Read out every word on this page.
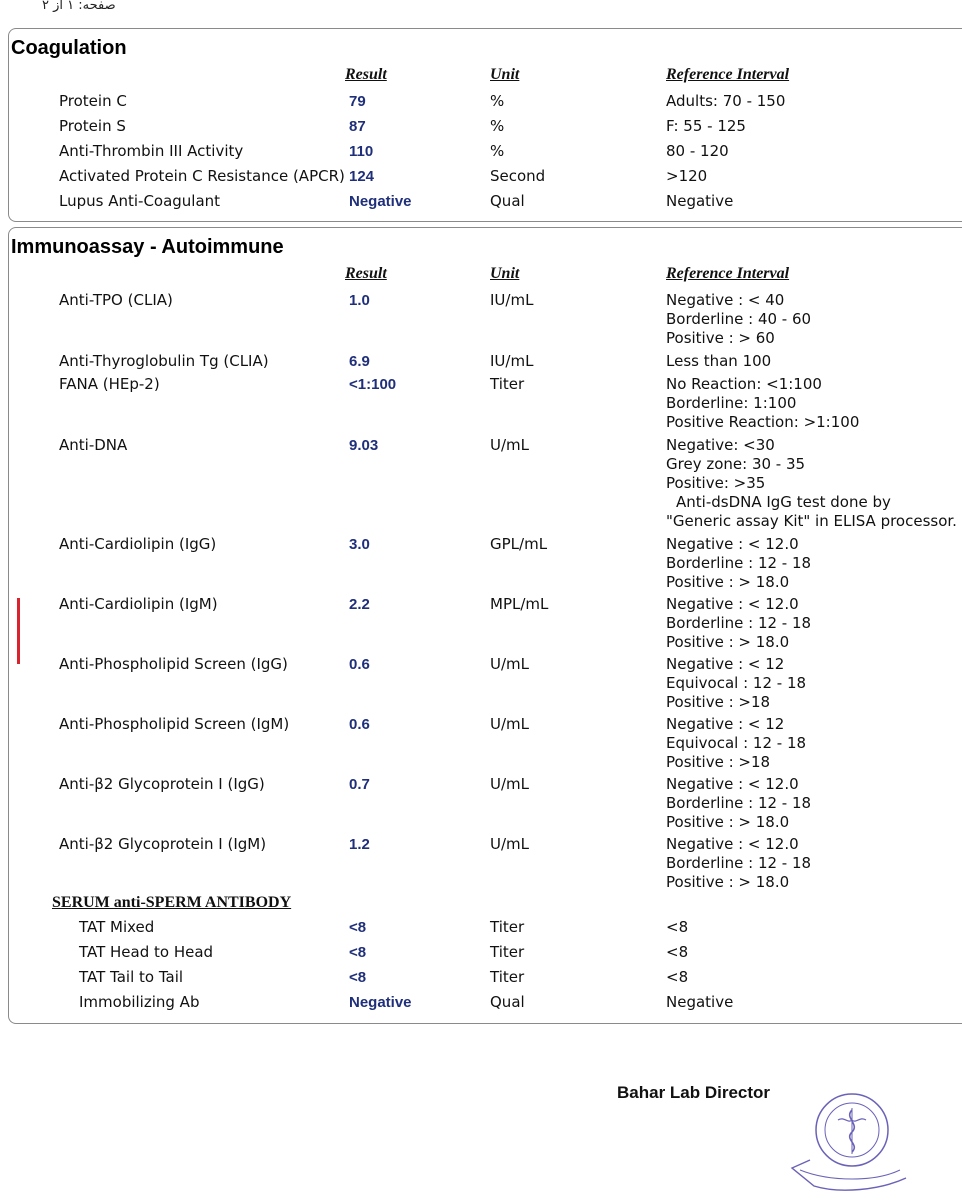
صفحه: ۱ از ۲
Coagulation
Result	Unit	Reference Interval
Protein C	79	%	Adults: 70 - 150
Protein S	87	%	F: 55 - 125
Anti-Thrombin III Activity	110	%	80 - 120
Activated Protein C Resistance (APCR) 124	Second	>120
Lupus Anti-Coagulant	Negative	Qual	Negative
Immunoassay - Autoimmune
Result	Unit	Reference Interval
Anti-TPO (CLIA)	1.0	IU/mL	Negative : < 40
Borderline : 40 - 60
Positive : > 60
Anti-Thyroglobulin Tg (CLIA)	6.9	IU/mL	Less than 100
FANA (HEp-2)	<1:100	Titer	No Reaction: <1:100
Borderline: 1:100
Positive Reaction: >1:100
Anti-DNA	9.03	U/mL	Negative: <30
Grey zone: 30 - 35
Positive: >35
Anti-dsDNA IgG test done by
"Generic assay Kit" in ELISA processor.
Anti-Cardiolipin (IgG)	3.0	GPL/mL	Negative : < 12.0
Borderline : 12 - 18
Positive : > 18.0
Anti-Cardiolipin (IgM)	2.2	MPL/mL	Negative : < 12.0
Borderline : 12 - 18
Positive : > 18.0
Anti-Phospholipid Screen (IgG)	0.6	U/mL	Negative : < 12
Equivocal : 12 - 18
Positive : >18
Anti-Phospholipid Screen (IgM)	0.6	U/mL	Negative : < 12
Equivocal : 12 - 18
Positive : >18
Anti-β2 Glycoprotein I (IgG)	0.7	U/mL	Negative : < 12.0
Borderline : 12 - 18
Positive : > 18.0
Anti-β2 Glycoprotein I (IgM)	1.2	U/mL	Negative : < 12.0
Borderline : 12 - 18
Positive : > 18.0
SERUM anti-SPERM ANTIBODY
TAT Mixed	<8	Titer	<8
TAT Head to Head	<8	Titer	<8
TAT Tail to Tail	<8	Titer	<8
Immobilizing Ab	Negative	Qual	Negative
Bahar Lab Director
